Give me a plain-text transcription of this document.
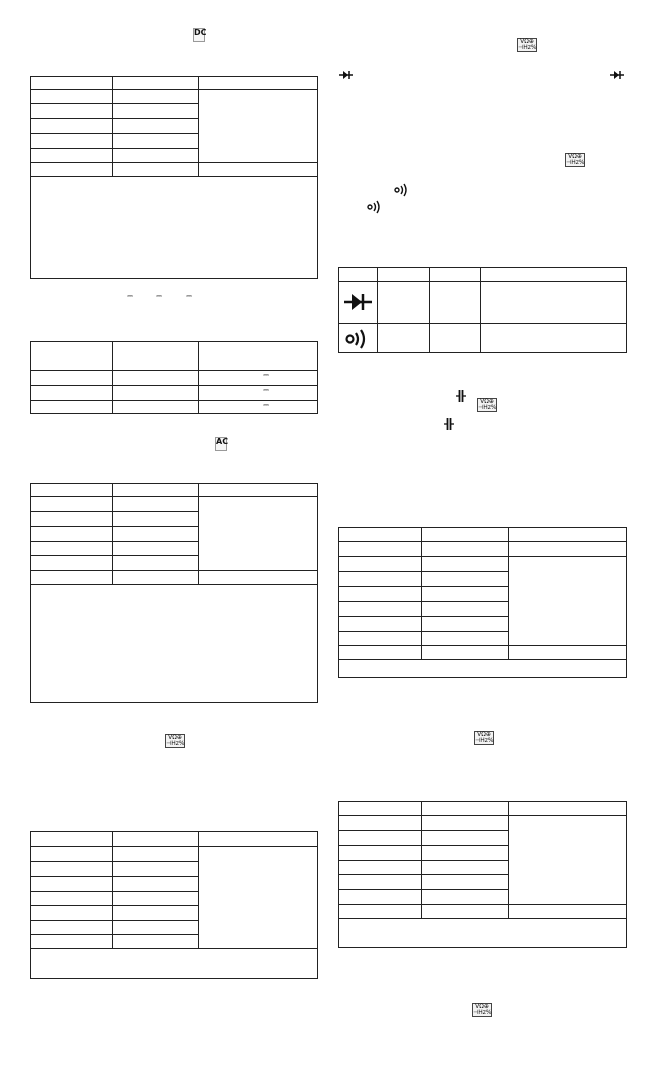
DC
⎓	⎓	⎓
⎓
⎓
⎓
AC
VΩ⊕
⊣Hz%
VΩ⊕
⊣Hz%
VΩ⊕
⊣Hz%
VΩ⊕
⊣Hz%
VΩ⊕
⊣Hz%
VΩ⊕
⊣Hz%
